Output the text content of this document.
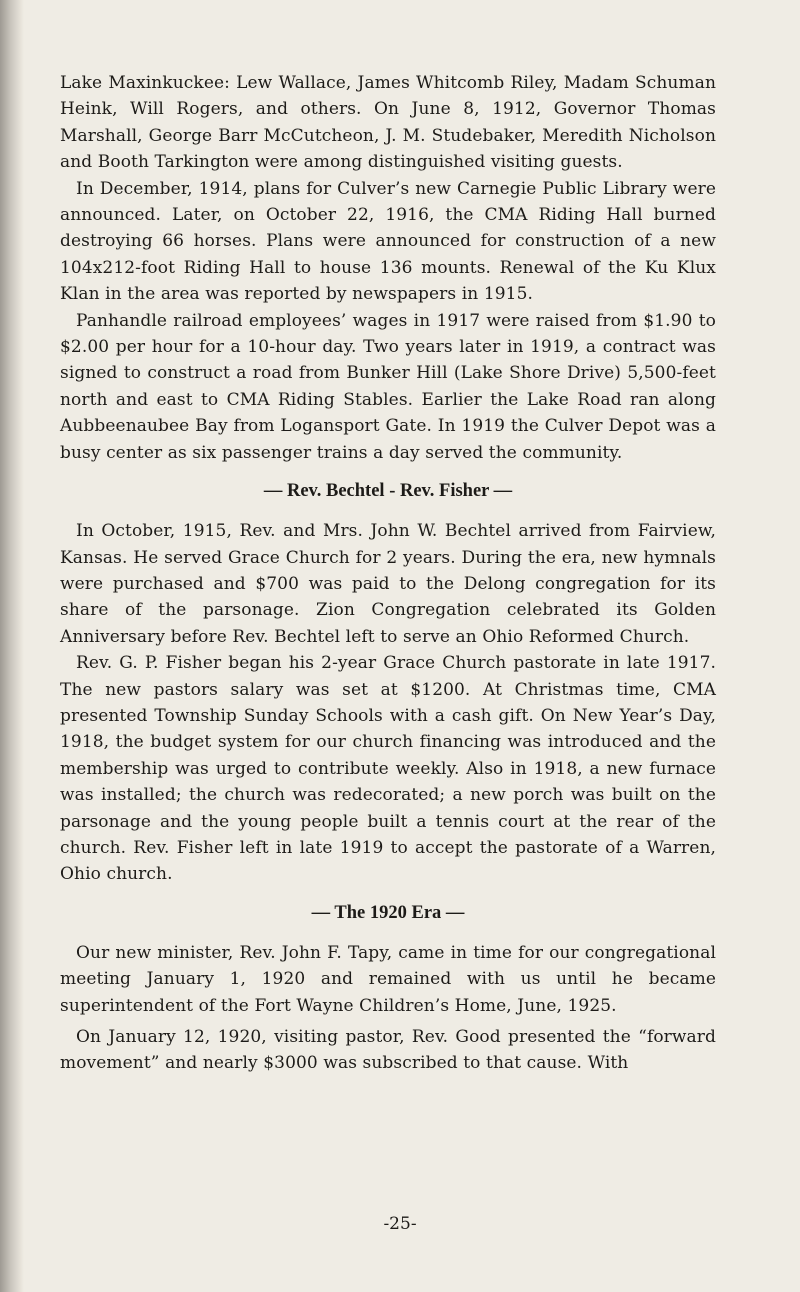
Lake Maxinkuckee: Lew Wallace, James Whitcomb Riley, Madam Schuman Heink, Will Rogers, and others. On June 8, 1912, Governor Thomas Marshall, George Barr McCutcheon, J. M. Studebaker, Meredith Nicholson and Booth Tarkington were among distinguished visiting guests.

In December, 1914, plans for Culver’s new Carnegie Public Library were announced. Later, on October 22, 1916, the CMA Riding Hall burned destroying 66 horses. Plans were announced for construction of a new 104x212-foot Riding Hall to house 136 mounts. Renewal of the Ku Klux Klan in the area was reported by newspapers in 1915.

Panhandle railroad employees’ wages in 1917 were raised from $1.90 to $2.00 per hour for a 10-hour day. Two years later in 1919, a contract was signed to construct a road from Bunker Hill (Lake Shore Drive) 5,500-feet north and east to CMA Riding Stables. Earlier the Lake Road ran along Aubbeenaubee Bay from Logansport Gate. In 1919 the Culver Depot was a busy center as six passenger trains a day served the community.

— Rev. Bechtel - Rev. Fisher —

In October, 1915, Rev. and Mrs. John W. Bechtel arrived from Fairview, Kansas. He served Grace Church for 2 years. During the era, new hymnals were purchased and $700 was paid to the Delong congregation for its share of the parsonage. Zion Congregation celebrated its Golden Anniversary before Rev. Bechtel left to serve an Ohio Reformed Church.

Rev. G. P. Fisher began his 2-year Grace Church pastorate in late 1917. The new pastors salary was set at $1200. At Christmas time, CMA presented Township Sunday Schools with a cash gift. On New Year’s Day, 1918, the budget system for our church financing was introduced and the membership was urged to contribute weekly. Also in 1918, a new furnace was installed; the church was redecorated; a new porch was built on the parsonage and the young people built a tennis court at the rear of the church. Rev. Fisher left in late 1919 to accept the pastorate of a Warren, Ohio church.

— The 1920 Era —

Our new minister, Rev. John F. Tapy, came in time for our congregational meeting January 1, 1920 and remained with us until he became superintendent of the Fort Wayne Children’s Home, June, 1925.

On January 12, 1920, visiting pastor, Rev. Good presented the “forward movement” and nearly $3000 was subscribed to that cause. With

-25-
